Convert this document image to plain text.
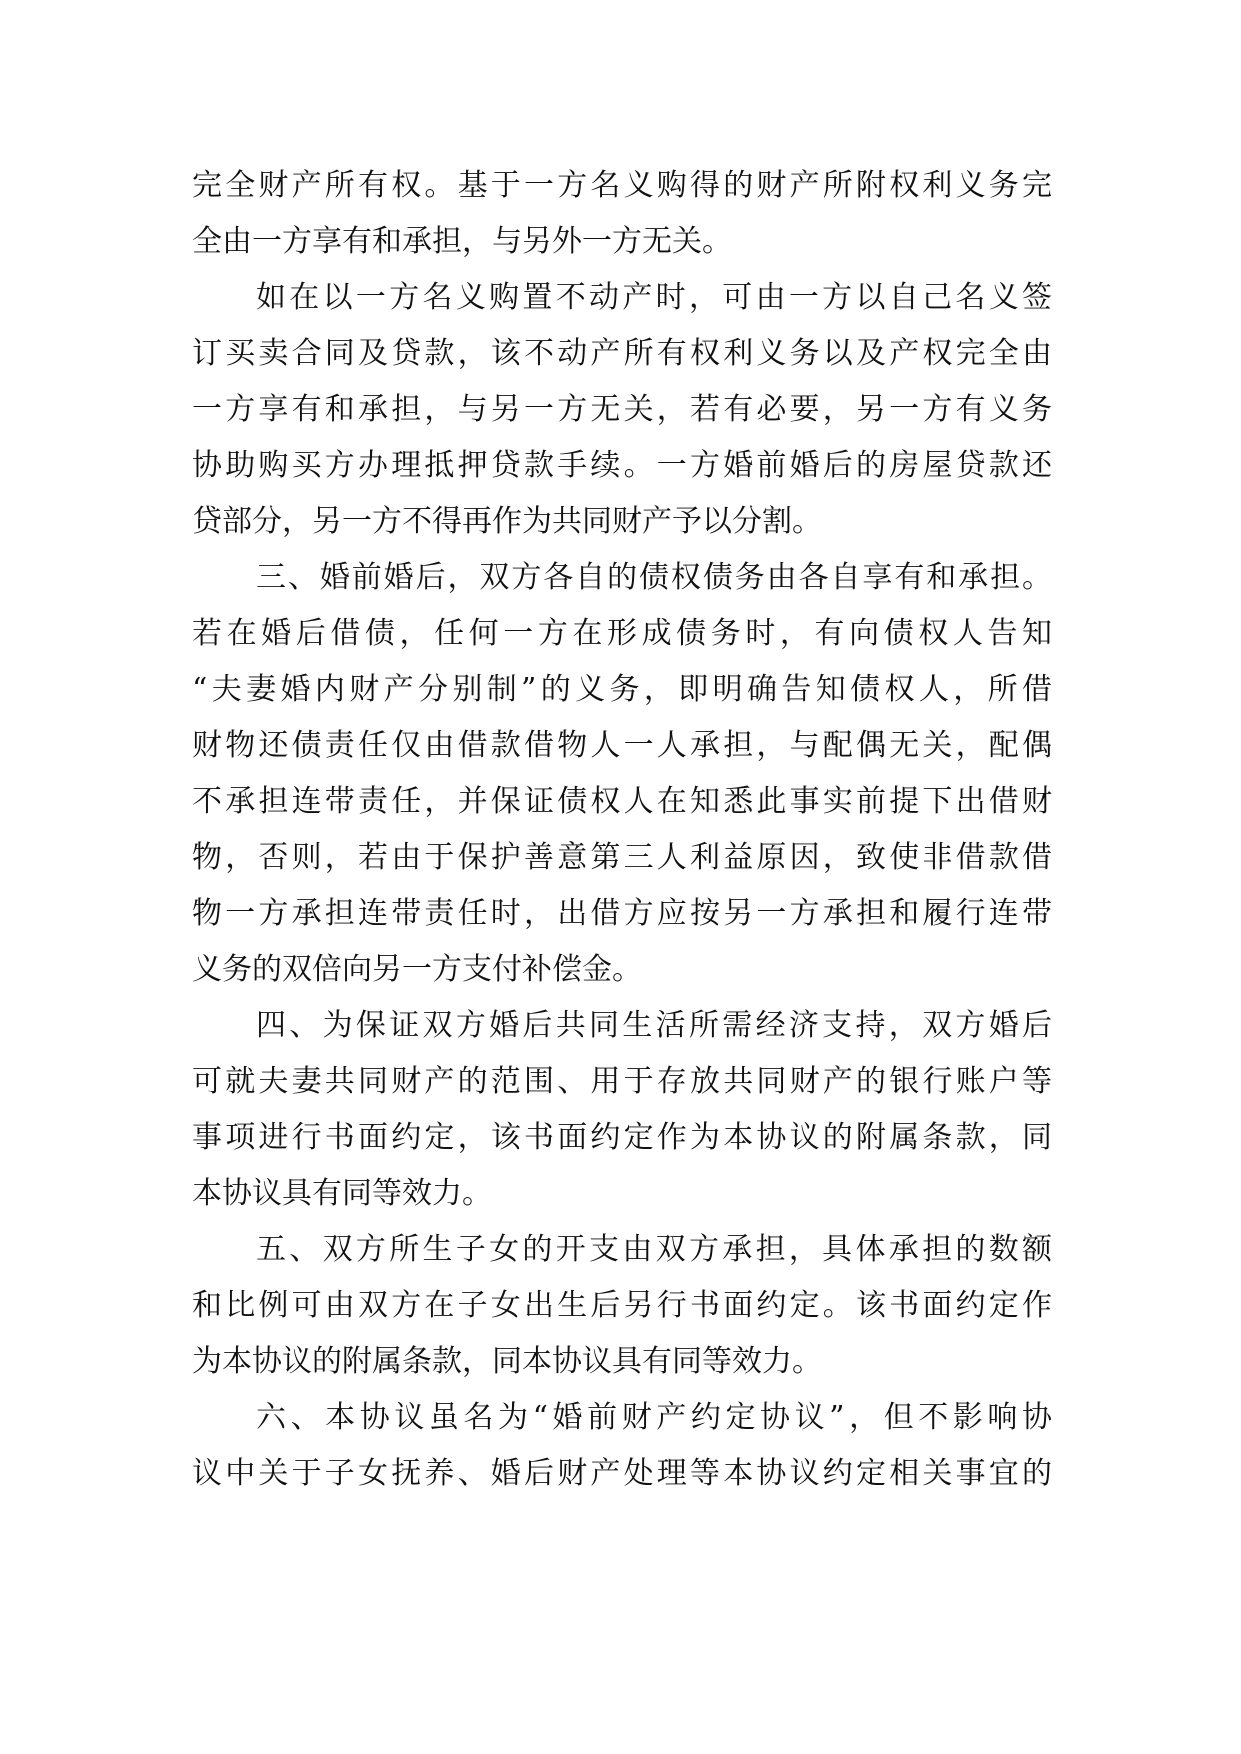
完全财产所有权。基于一方名义购得的财产所附权利义务完
全由一方享有和承担，与另外一方无关。
如在以一方名义购置不动产时，可由一方以自己名义签
订买卖合同及贷款，该不动产所有权利义务以及产权完全由
一方享有和承担，与另一方无关，若有必要，另一方有义务
协助购买方办理抵押贷款手续。一方婚前婚后的房屋贷款还
贷部分，另一方不得再作为共同财产予以分割。
三、婚前婚后，双方各自的债权债务由各自享有和承担。
若在婚后借债，任何一方在形成债务时，有向债权人告知
“夫妻婚内财产分别制”的义务，即明确告知债权人，所借
财物还债责任仅由借款借物人一人承担，与配偶无关，配偶
不承担连带责任，并保证债权人在知悉此事实前提下出借财
物，否则，若由于保护善意第三人利益原因，致使非借款借
物一方承担连带责任时，出借方应按另一方承担和履行连带
义务的双倍向另一方支付补偿金。
四、为保证双方婚后共同生活所需经济支持，双方婚后
可就夫妻共同财产的范围、用于存放共同财产的银行账户等
事项进行书面约定，该书面约定作为本协议的附属条款，同
本协议具有同等效力。
五、双方所生子女的开支由双方承担，具体承担的数额
和比例可由双方在子女出生后另行书面约定。该书面约定作
为本协议的附属条款，同本协议具有同等效力。
六、本协议虽名为“婚前财产约定协议”，但不影响协
议中关于子女抚养、婚后财产处理等本协议约定相关事宜的
